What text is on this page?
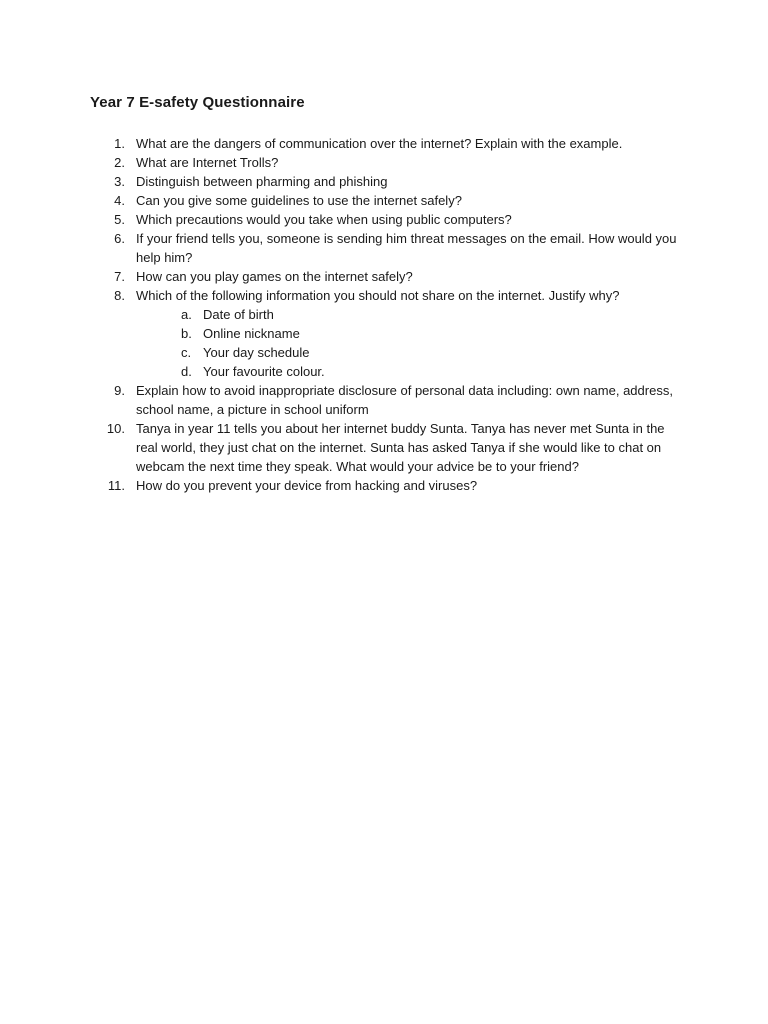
Year 7 E-safety Questionnaire
1. What are the dangers of communication over the internet? Explain with the example.
2. What are Internet Trolls?
3. Distinguish between pharming and phishing
4. Can you give some guidelines to use the internet safely?
5. Which precautions would you take when using public computers?
6. If your friend tells you, someone is sending him threat messages on the email. How would you help him?
7. How can you play games on the internet safely?
8. Which of the following information you should not share on the internet. Justify why?
a. Date of birth
b. Online nickname
c. Your day schedule
d. Your favourite colour.
9. Explain how to avoid inappropriate disclosure of personal data including: own name, address, school name, a picture in school uniform
10. Tanya in year 11 tells you about her internet buddy Sunta. Tanya has never met Sunta in the real world, they just chat on the internet. Sunta has asked Tanya if she would like to chat on webcam the next time they speak. What would your advice be to your friend?
11. How do you prevent your device from hacking and viruses?
